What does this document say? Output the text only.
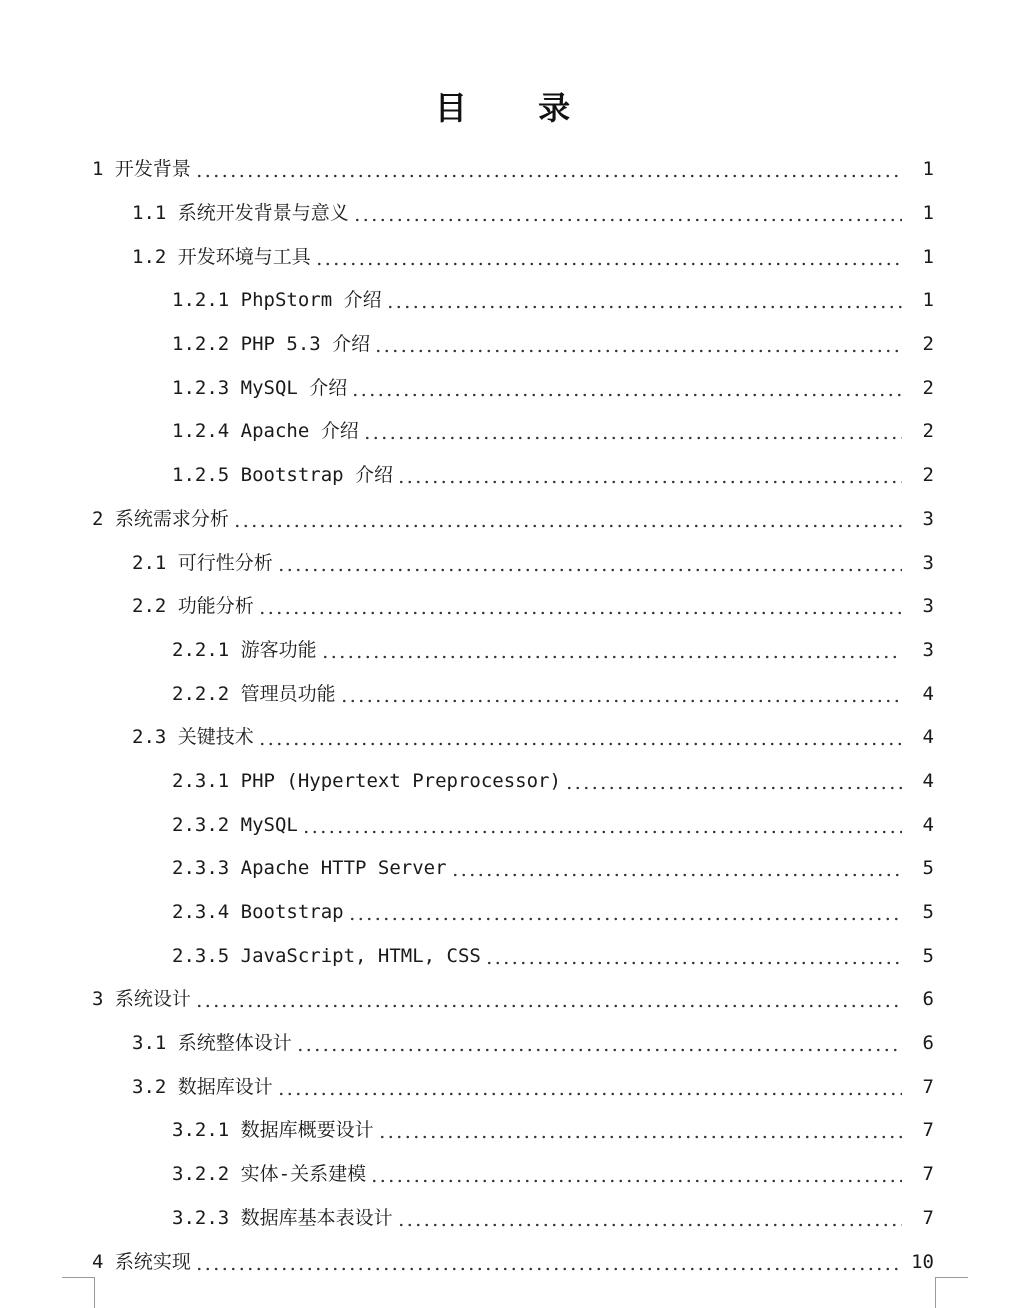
目 录
1 开发背景	1
1.1 系统开发背景与意义	1
1.2 开发环境与工具	1
1.2.1 PhpStorm 介绍	1
1.2.2 PHP 5.3 介绍	2
1.2.3 MySQL 介绍	2
1.2.4 Apache 介绍	2
1.2.5 Bootstrap 介绍	2
2 系统需求分析	3
2.1 可行性分析	3
2.2 功能分析	3
2.2.1 游客功能	3
2.2.2 管理员功能	4
2.3 关键技术	4
2.3.1 PHP (Hypertext Preprocessor)	4
2.3.2 MySQL	4
2.3.3 Apache HTTP Server	5
2.3.4 Bootstrap	5
2.3.5 JavaScript, HTML, CSS	5
3 系统设计	6
3.1 系统整体设计	6
3.2 数据库设计	7
3.2.1 数据库概要设计	7
3.2.2 实体-关系建模	7
3.2.3 数据库基本表设计	7
4 系统实现	10
